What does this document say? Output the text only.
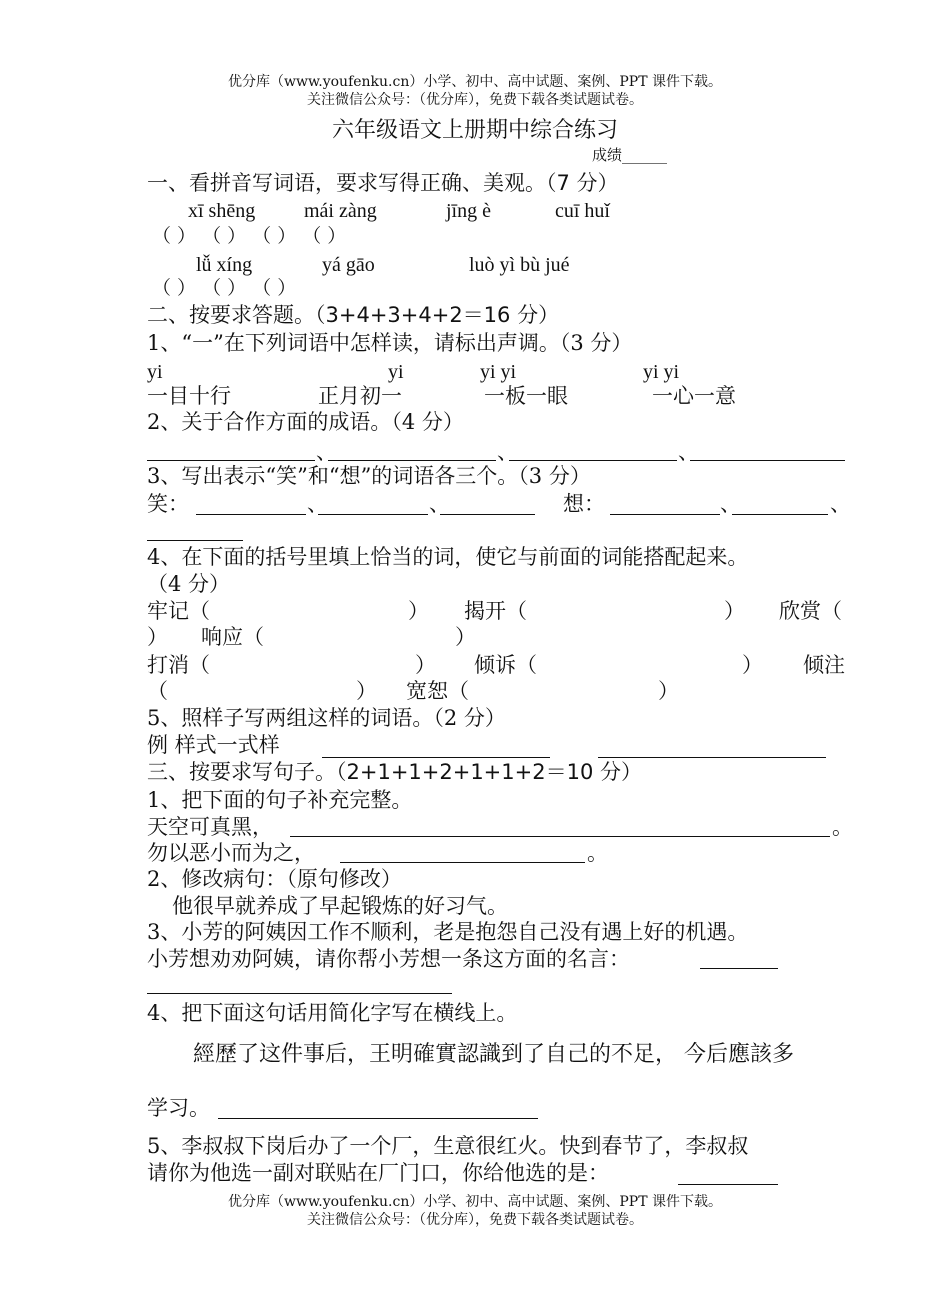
优分库（www.youfenku.cn）小学、初中、高中试题、案例、PPT 课件下载。
关注微信公众号：（优分库），免费下载各类试题试卷。
六年级语文上册期中综合练习
成绩______
一、看拼音写词语，要求写得正确、美观。（7 分）
xī shēng mái zàng	jīng è	cuī huǐ
（ ） （ ） （ ） （ ）
lǚ xíng	yá gāo	luò yì bù jué
（ ） （ ） （ ）
二、按要求答题。（3+4+3+4+2＝16 分）
1、“一”在下列词语中怎样读，请标出声调。（3 分）
yi	yi	yi yi	yi yi
一目十行	正月初一	一板一眼	一心一意
2、关于合作方面的成语。（4 分）
、	、	、
3、写出表示“笑”和“想”的词语各三个。（3 分）
笑：	、	、	想：	、	、
4、在下面的括号里填上恰当的词，使它与前面的词能搭配起来。
（4 分）
牢记（	） 揭开（	） 欣赏（
） 响应（	）
打消（	） 倾诉（	） 倾注
（	） 宽恕（	）
5、照样子写两组这样的词语。（2 分）
例 样式一式样
三、按要求写句子。（2+1+1+2+1+1+2＝10 分）
1、把下面的句子补充完整。
天空可真黑，	。
勿以恶小而为之，	。
2、修改病句：（原句修改）
他很早就养成了早起锻炼的好习气。
3、小芳的阿姨因工作不顺利，老是抱怨自己没有遇上好的机遇。
小芳想劝劝阿姨，请你帮小芳想一条这方面的名言：
4、把下面这句话用简化字写在横线上。
經歷了这件事后，王明確實認識到了自己的不足， 今后應該多
学习。
5、李叔叔下岗后办了一个厂，生意很红火。快到春节了，李叔叔
请你为他选一副对联贴在厂门口，你给他选的是：
优分库（www.youfenku.cn）小学、初中、高中试题、案例、PPT 课件下载。
关注微信公众号：（优分库），免费下载各类试题试卷。
